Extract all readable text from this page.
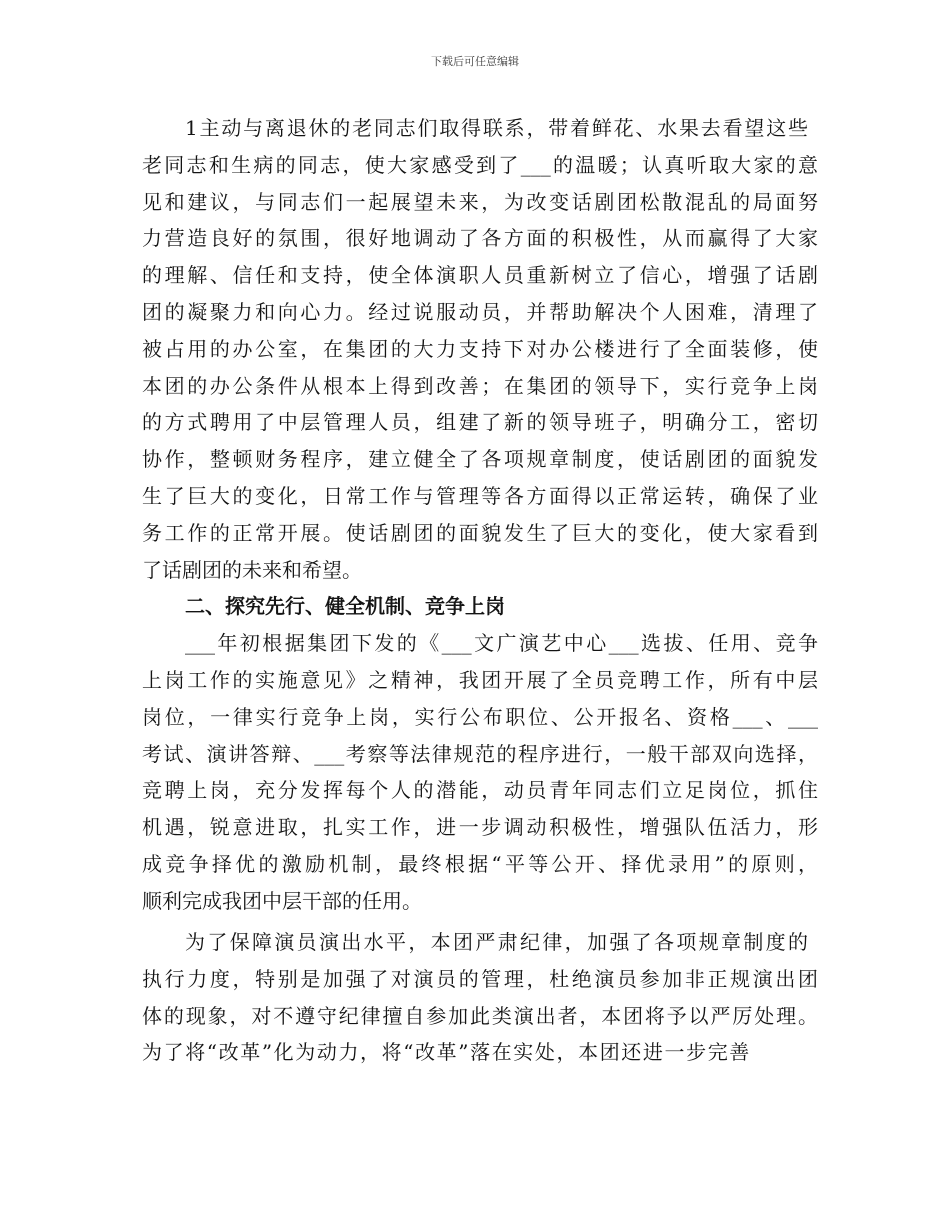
下载后可任意编辑
1主动与离退休的老同志们取得联系，带着鲜花、水果去看望这些
老同志和生病的同志，使大家感受到了___的温暖；认真听取大家的意
见和建议，与同志们一起展望未来，为改变话剧团松散混乱的局面努
力营造良好的氛围，很好地调动了各方面的积极性，从而赢得了大家
的理解、信任和支持，使全体演职人员重新树立了信心，增强了话剧
团的凝聚力和向心力。经过说服动员，并帮助解决个人困难，清理了
被占用的办公室，在集团的大力支持下对办公楼进行了全面装修，使
本团的办公条件从根本上得到改善；在集团的领导下，实行竞争上岗
的方式聘用了中层管理人员，组建了新的领导班子，明确分工，密切
协作，整顿财务程序，建立健全了各项规章制度，使话剧团的面貌发
生了巨大的变化，日常工作与管理等各方面得以正常运转，确保了业
务工作的正常开展。使话剧团的面貌发生了巨大的变化，使大家看到
了话剧团的未来和希望。
二、探究先行、健全机制、竞争上岗
___年初根据集团下发的《___文广演艺中心___选拔、任用、竞争
上岗工作的实施意见》之精神，我团开展了全员竞聘工作，所有中层
岗位，一律实行竞争上岗，实行公布职位、公开报名、资格___、___
考试、演讲答辩、___考察等法律规范的程序进行，一般干部双向选择，
竞聘上岗，充分发挥每个人的潜能，动员青年同志们立足岗位，抓住
机遇，锐意进取，扎实工作，进一步调动积极性，增强队伍活力，形
成竞争择优的激励机制，最终根据“平等公开、择优录用”的原则，
顺利完成我团中层干部的任用。
为了保障演员演出水平，本团严肃纪律，加强了各项规章制度的
执行力度，特别是加强了对演员的管理，杜绝演员参加非正规演出团
体的现象，对不遵守纪律擅自参加此类演出者，本团将予以严厉处理。
为了将“改革”化为动力，将“改革”落在实处，本团还进一步完善
